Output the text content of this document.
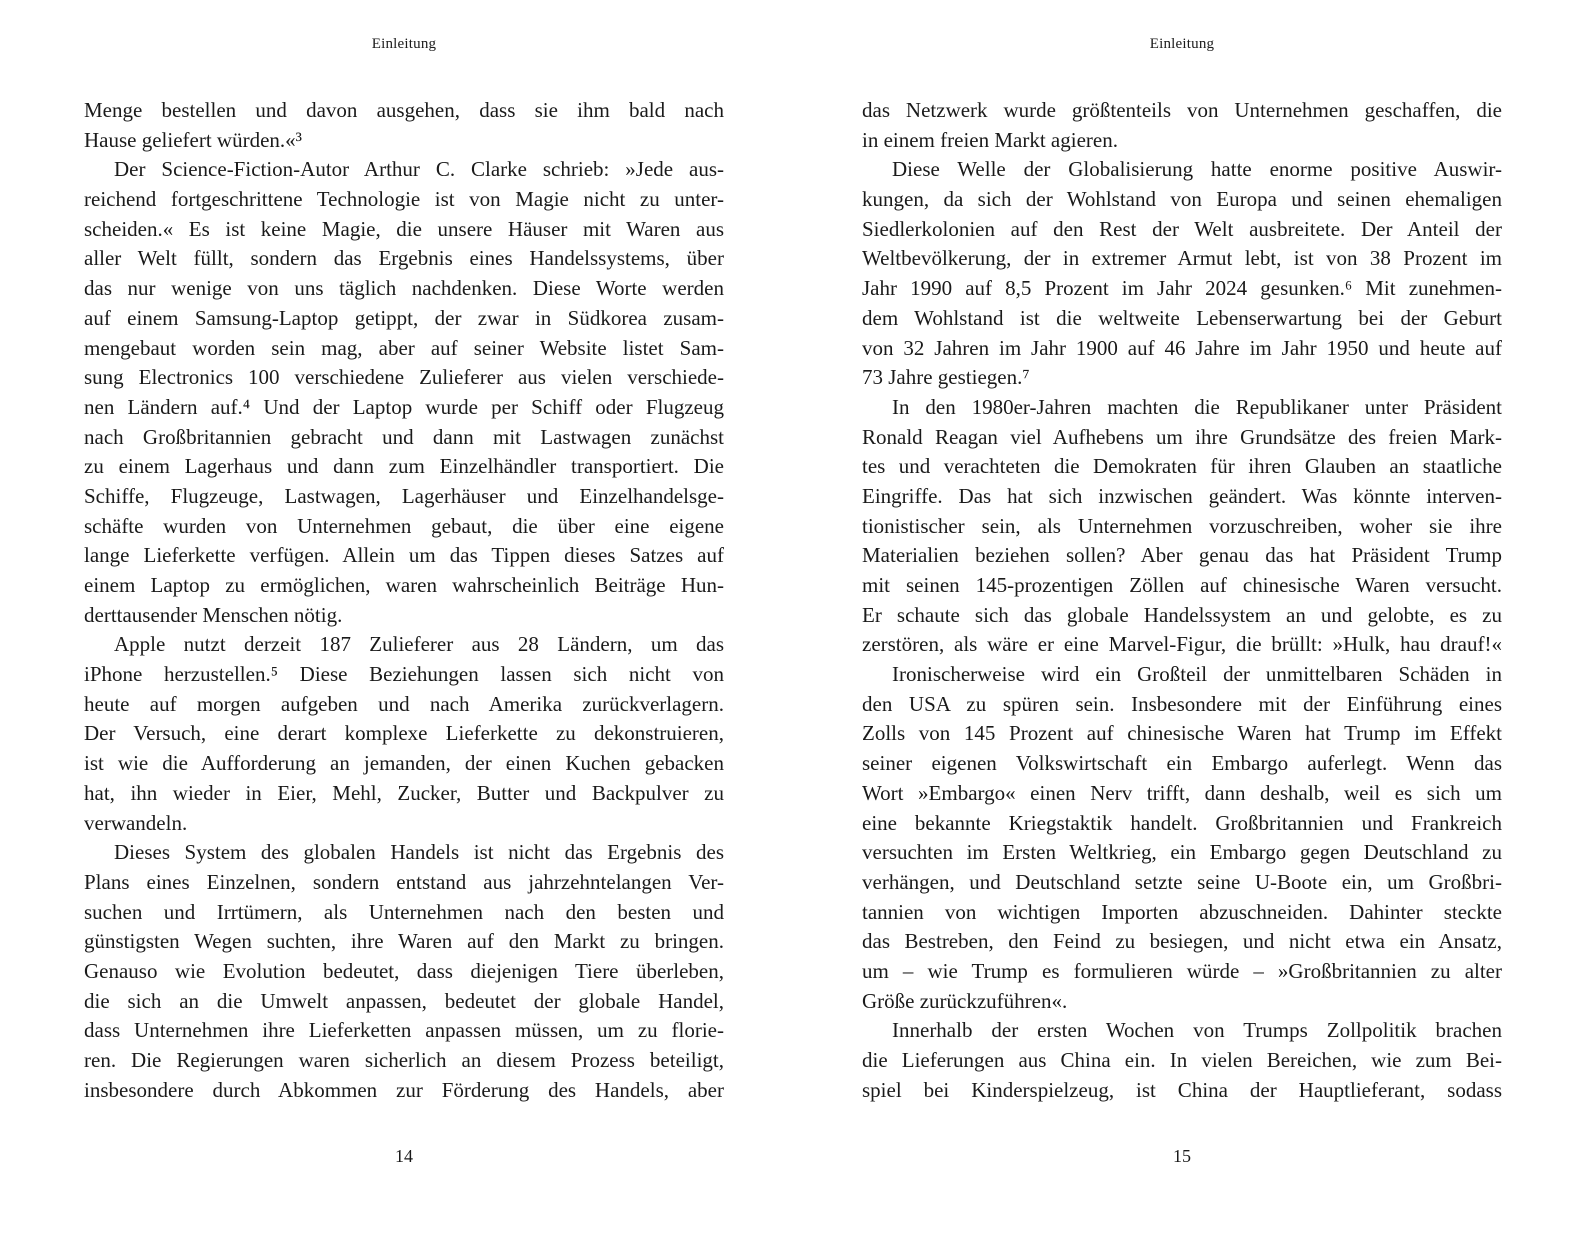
Einleitung
Menge bestellen und davon ausgehen, dass sie ihm bald nach
Hause geliefert würden.«³
Der Science-Fiction-Autor Arthur C. Clarke schrieb: »Jede aus-
reichend fortgeschrittene Technologie ist von Magie nicht zu unter-
scheiden.« Es ist keine Magie, die unsere Häuser mit Waren aus
aller Welt füllt, sondern das Ergebnis eines Handelssystems, über
das nur wenige von uns täglich nachdenken. Diese Worte werden
auf einem Samsung-Laptop getippt, der zwar in Südkorea zusam-
mengebaut worden sein mag, aber auf seiner Website listet Sam-
sung Electronics 100 verschiedene Zulieferer aus vielen verschiede-
nen Ländern auf.⁴ Und der Laptop wurde per Schiff oder Flugzeug
nach Großbritannien gebracht und dann mit Lastwagen zunächst
zu einem Lagerhaus und dann zum Einzelhändler transportiert. Die
Schiffe, Flugzeuge, Lastwagen, Lagerhäuser und Einzelhandelsge-
schäfte wurden von Unternehmen gebaut, die über eine eigene
lange Lieferkette verfügen. Allein um das Tippen dieses Satzes auf
einem Laptop zu ermöglichen, waren wahrscheinlich Beiträge Hun-
derttausender Menschen nötig.
Apple nutzt derzeit 187 Zulieferer aus 28 Ländern, um das
iPhone herzustellen.⁵ Diese Beziehungen lassen sich nicht von
heute auf morgen aufgeben und nach Amerika zurückverlagern.
Der Versuch, eine derart komplexe Lieferkette zu dekonstruieren,
ist wie die Aufforderung an jemanden, der einen Kuchen gebacken
hat, ihn wieder in Eier, Mehl, Zucker, Butter und Backpulver zu
verwandeln.
Dieses System des globalen Handels ist nicht das Ergebnis des
Plans eines Einzelnen, sondern entstand aus jahrzehntelangen Ver-
suchen und Irrtümern, als Unternehmen nach den besten und
günstigsten Wegen suchten, ihre Waren auf den Markt zu bringen.
Genauso wie Evolution bedeutet, dass diejenigen Tiere überleben,
die sich an die Umwelt anpassen, bedeutet der globale Handel,
dass Unternehmen ihre Lieferketten anpassen müssen, um zu florie-
ren. Die Regierungen waren sicherlich an diesem Prozess beteiligt,
insbesondere durch Abkommen zur Förderung des Handels, aber
14
Einleitung
das Netzwerk wurde größtenteils von Unternehmen geschaffen, die
in einem freien Markt agieren.
Diese Welle der Globalisierung hatte enorme positive Auswir-
kungen, da sich der Wohlstand von Europa und seinen ehemaligen
Siedlerkolonien auf den Rest der Welt ausbreitete. Der Anteil der
Weltbevölkerung, der in extremer Armut lebt, ist von 38 Prozent im
Jahr 1990 auf 8,5 Prozent im Jahr 2024 gesunken.⁶ Mit zunehmen-
dem Wohlstand ist die weltweite Lebenserwartung bei der Geburt
von 32 Jahren im Jahr 1900 auf 46 Jahre im Jahr 1950 und heute auf
73 Jahre gestiegen.⁷
In den 1980er-Jahren machten die Republikaner unter Präsident
Ronald Reagan viel Aufhebens um ihre Grundsätze des freien Mark-
tes und verachteten die Demokraten für ihren Glauben an staatliche
Eingriffe. Das hat sich inzwischen geändert. Was könnte interven-
tionistischer sein, als Unternehmen vorzuschreiben, woher sie ihre
Materialien beziehen sollen? Aber genau das hat Präsident Trump
mit seinen 145-prozentigen Zöllen auf chinesische Waren versucht.
Er schaute sich das globale Handelssystem an und gelobte, es zu
zerstören, als wäre er eine Marvel-Figur, die brüllt: »Hulk, hau drauf!«
Ironischerweise wird ein Großteil der unmittelbaren Schäden in
den USA zu spüren sein. Insbesondere mit der Einführung eines
Zolls von 145 Prozent auf chinesische Waren hat Trump im Effekt
seiner eigenen Volkswirtschaft ein Embargo auferlegt. Wenn das
Wort »Embargo« einen Nerv trifft, dann deshalb, weil es sich um
eine bekannte Kriegstaktik handelt. Großbritannien und Frankreich
versuchten im Ersten Weltkrieg, ein Embargo gegen Deutschland zu
verhängen, und Deutschland setzte seine U-Boote ein, um Großbri-
tannien von wichtigen Importen abzuschneiden. Dahinter steckte
das Bestreben, den Feind zu besiegen, und nicht etwa ein Ansatz,
um – wie Trump es formulieren würde – »Großbritannien zu alter
Größe zurückzuführen«.
Innerhalb der ersten Wochen von Trumps Zollpolitik brachen
die Lieferungen aus China ein. In vielen Bereichen, wie zum Bei-
spiel bei Kinderspielzeug, ist China der Hauptlieferant, sodass
15
